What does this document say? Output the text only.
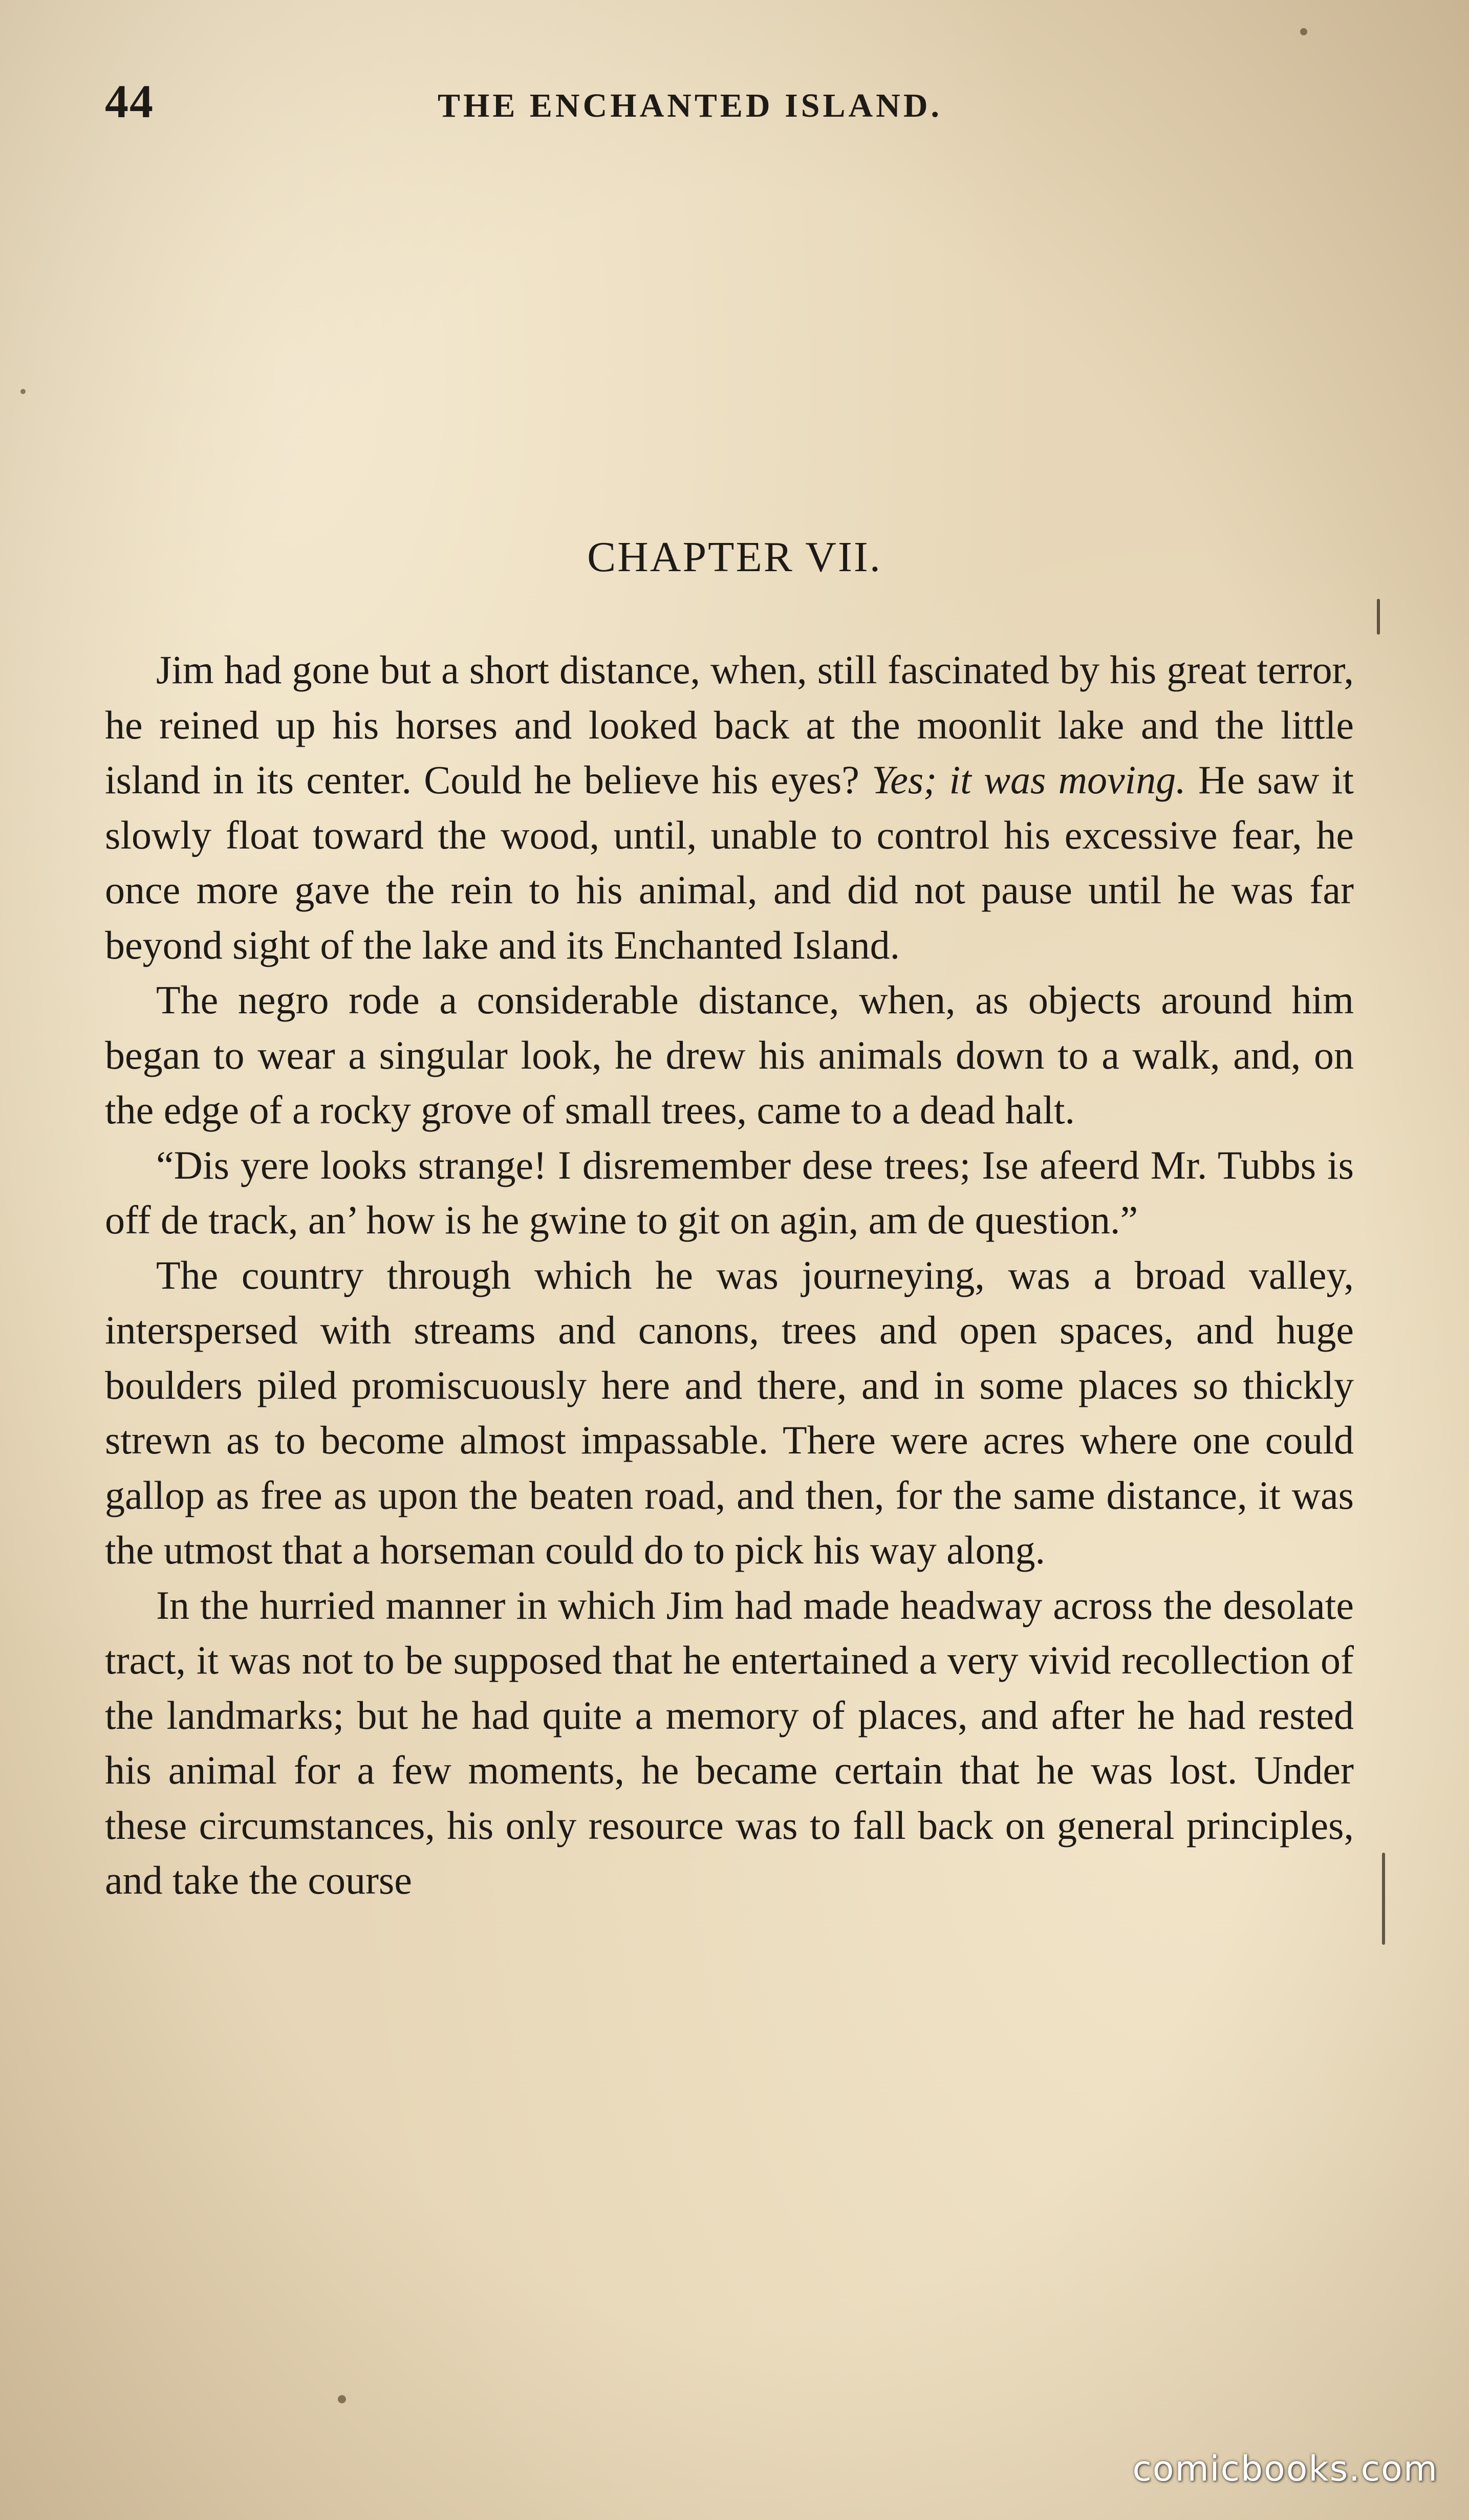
44	THE ENCHANTED ISLAND.
CHAPTER VII.

Jim had gone but a short distance, when, still fascinated by his great terror, he reined up his horses and looked back at the moonlit lake and the little island in its center. Could he believe his eyes? Yes; it was moving. He saw it slowly float toward the wood, until, unable to control his excessive fear, he once more gave the rein to his animal, and did not pause until he was far beyond sight of the lake and its Enchanted Island.

The negro rode a considerable distance, when, as objects around him began to wear a singular look, he drew his animals down to a walk, and, on the edge of a rocky grove of small trees, came to a dead halt.

“Dis yere looks strange! I disremember dese trees; Ise afeerd Mr. Tubbs is off de track, an’ how is he gwine to git on agin, am de question.”

The country through which he was journeying, was a broad valley, interspersed with streams and canons, trees and open spaces, and huge boulders piled promiscuously here and there, and in some places so thickly strewn as to become almost impassable. There were acres where one could gallop as free as upon the beaten road, and then, for the same distance, it was the utmost that a horseman could do to pick his way along.

In the hurried manner in which Jim had made headway across the desolate tract, it was not to be supposed that he entertained a very vivid recollection of the landmarks; but he had quite a memory of places, and after he had rested his animal for a few moments, he became certain that he was lost. Under these circumstances, his only resource was to fall back on general principles, and take the course

comicbooks.com
